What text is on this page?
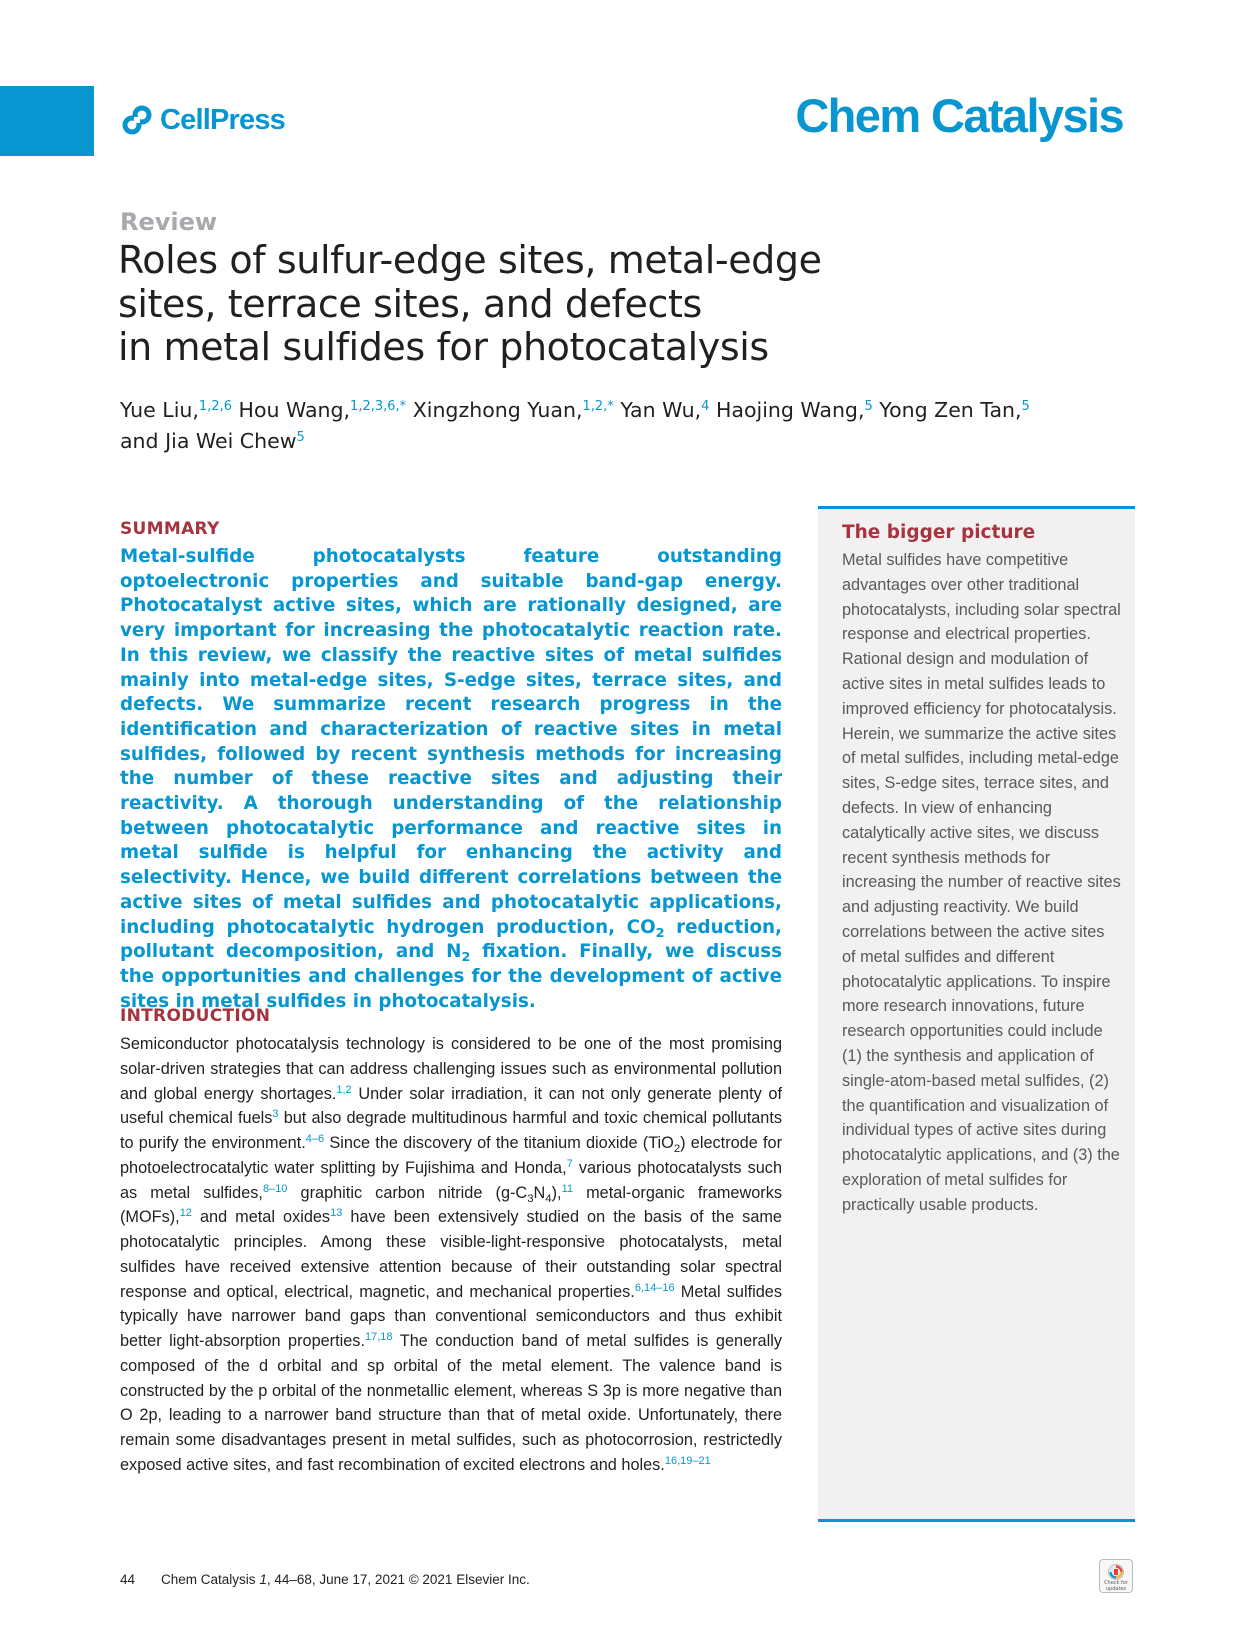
CellPress	Chem Catalysis
Review
Roles of sulfur-edge sites, metal-edge
sites, terrace sites, and defects
in metal sulfides for photocatalysis
Yue Liu,$^{1,2,6}$ Hou Wang,$^{1,2,3,6,*}$ Xingzhong Yuan,$^{1,2,*}$ Yan Wu,$^4$ Haojing Wang,$^5$ Yong Zen Tan,$^5$
and Jia Wei Chew$^5$
SUMMARY

Metal-sulfide photocatalysts feature outstanding optoelectronic properties and suitable band-gap energy. Photocatalyst active sites, which are rationally designed, are very important for increasing the photocatalytic reaction rate. In this review, we classify the reactive sites of metal sulfides mainly into metal-edge sites, S-edge sites, terrace sites, and defects. We summarize recent research progress in the identification and characterization of reactive sites in metal sulfides, followed by recent synthesis methods for increasing the number of these reactive sites and adjusting their reactivity. A thorough understanding of the relationship between photocatalytic performance and reactive sites in metal sulfide is helpful for enhancing the activity and selectivity. Hence, we build different correlations between the active sites of metal sulfides and photocatalytic applications, including photocatalytic hydrogen production, $CO_2$ reduction, pollutant decomposition, and $N_2$ fixation. Finally, we discuss the opportunities and challenges for the development of active sites in metal sulfides in photocatalysis.

INTRODUCTION

Semiconductor photocatalysis technology is considered to be one of the most promising solar-driven strategies that can address challenging issues such as environmental pollution and global energy shortages.$^{1,2}$ Under solar irradiation, it can not only generate plenty of useful chemical fuels$^3$ but also degrade multitudinous harmful and toxic chemical pollutants to purify the environment.$^{4-6}$ Since the discovery of the titanium dioxide (TiO$_2$) electrode for photoelectrocatalytic water splitting by Fujishima and Honda,$^7$ various photocatalysts such as metal sulfides,$^{8-10}$ graphitic carbon nitride $(g-C_3N_4),^{11}$ metal-organic frameworks (MOFs),$^{12}$ and metal oxides$^{13}$ have been extensively studied on the basis of the same photocatalytic principles. Among these visible-light-responsive photocatalysts, metal sulfides have received extensive attention because of their outstanding solar spectral response and optical, electrical, magnetic, and mechanical properties.$^{6,14-16}$ Metal sulfides typically have narrower band gaps than conventional semiconductors and thus exhibit better light-absorption properties.$^{17,18}$ The conduction band of metal sulfides is generally composed of the d orbital and sp orbital of the metal element. The valence band is constructed by the p orbital of the nonmetallic element, whereas S 3p is more negative than O 2p, leading to a narrower band structure than that of metal oxide. Unfortunately, there remain some disadvantages present in metal sulfides, such as photocorrosion, restrictedly exposed active sites, and fast recombination of excited electrons and holes.$^{16,19-21}$

The bigger picture

Metal sulfides have competitive advantages over other traditional photocatalysts, including solar spectral response and electrical properties. Rational design and modulation of active sites in metal sulfides leads to improved efficiency for photocatalysis. Herein, we summarize the active sites of metal sulfides, including metal-edge sites, S-edge sites, terrace sites, and defects. In view of enhancing catalytically active sites, we discuss recent synthesis methods for increasing the number of reactive sites and adjusting reactivity. We build correlations between the active sites of metal sulfides and different photocatalytic applications. To inspire more research innovations, future research opportunities could include (1) the synthesis and application of single-atom-based metal sulfides, (2) the quantification and visualization of individual types of active sites during photocatalytic applications, and (3) the exploration of metal sulfides for practically usable products.

44 Chem Catalysis 1, 44–68, June 17, 2021 © 2021 Elsevier Inc.	Check for
updates
